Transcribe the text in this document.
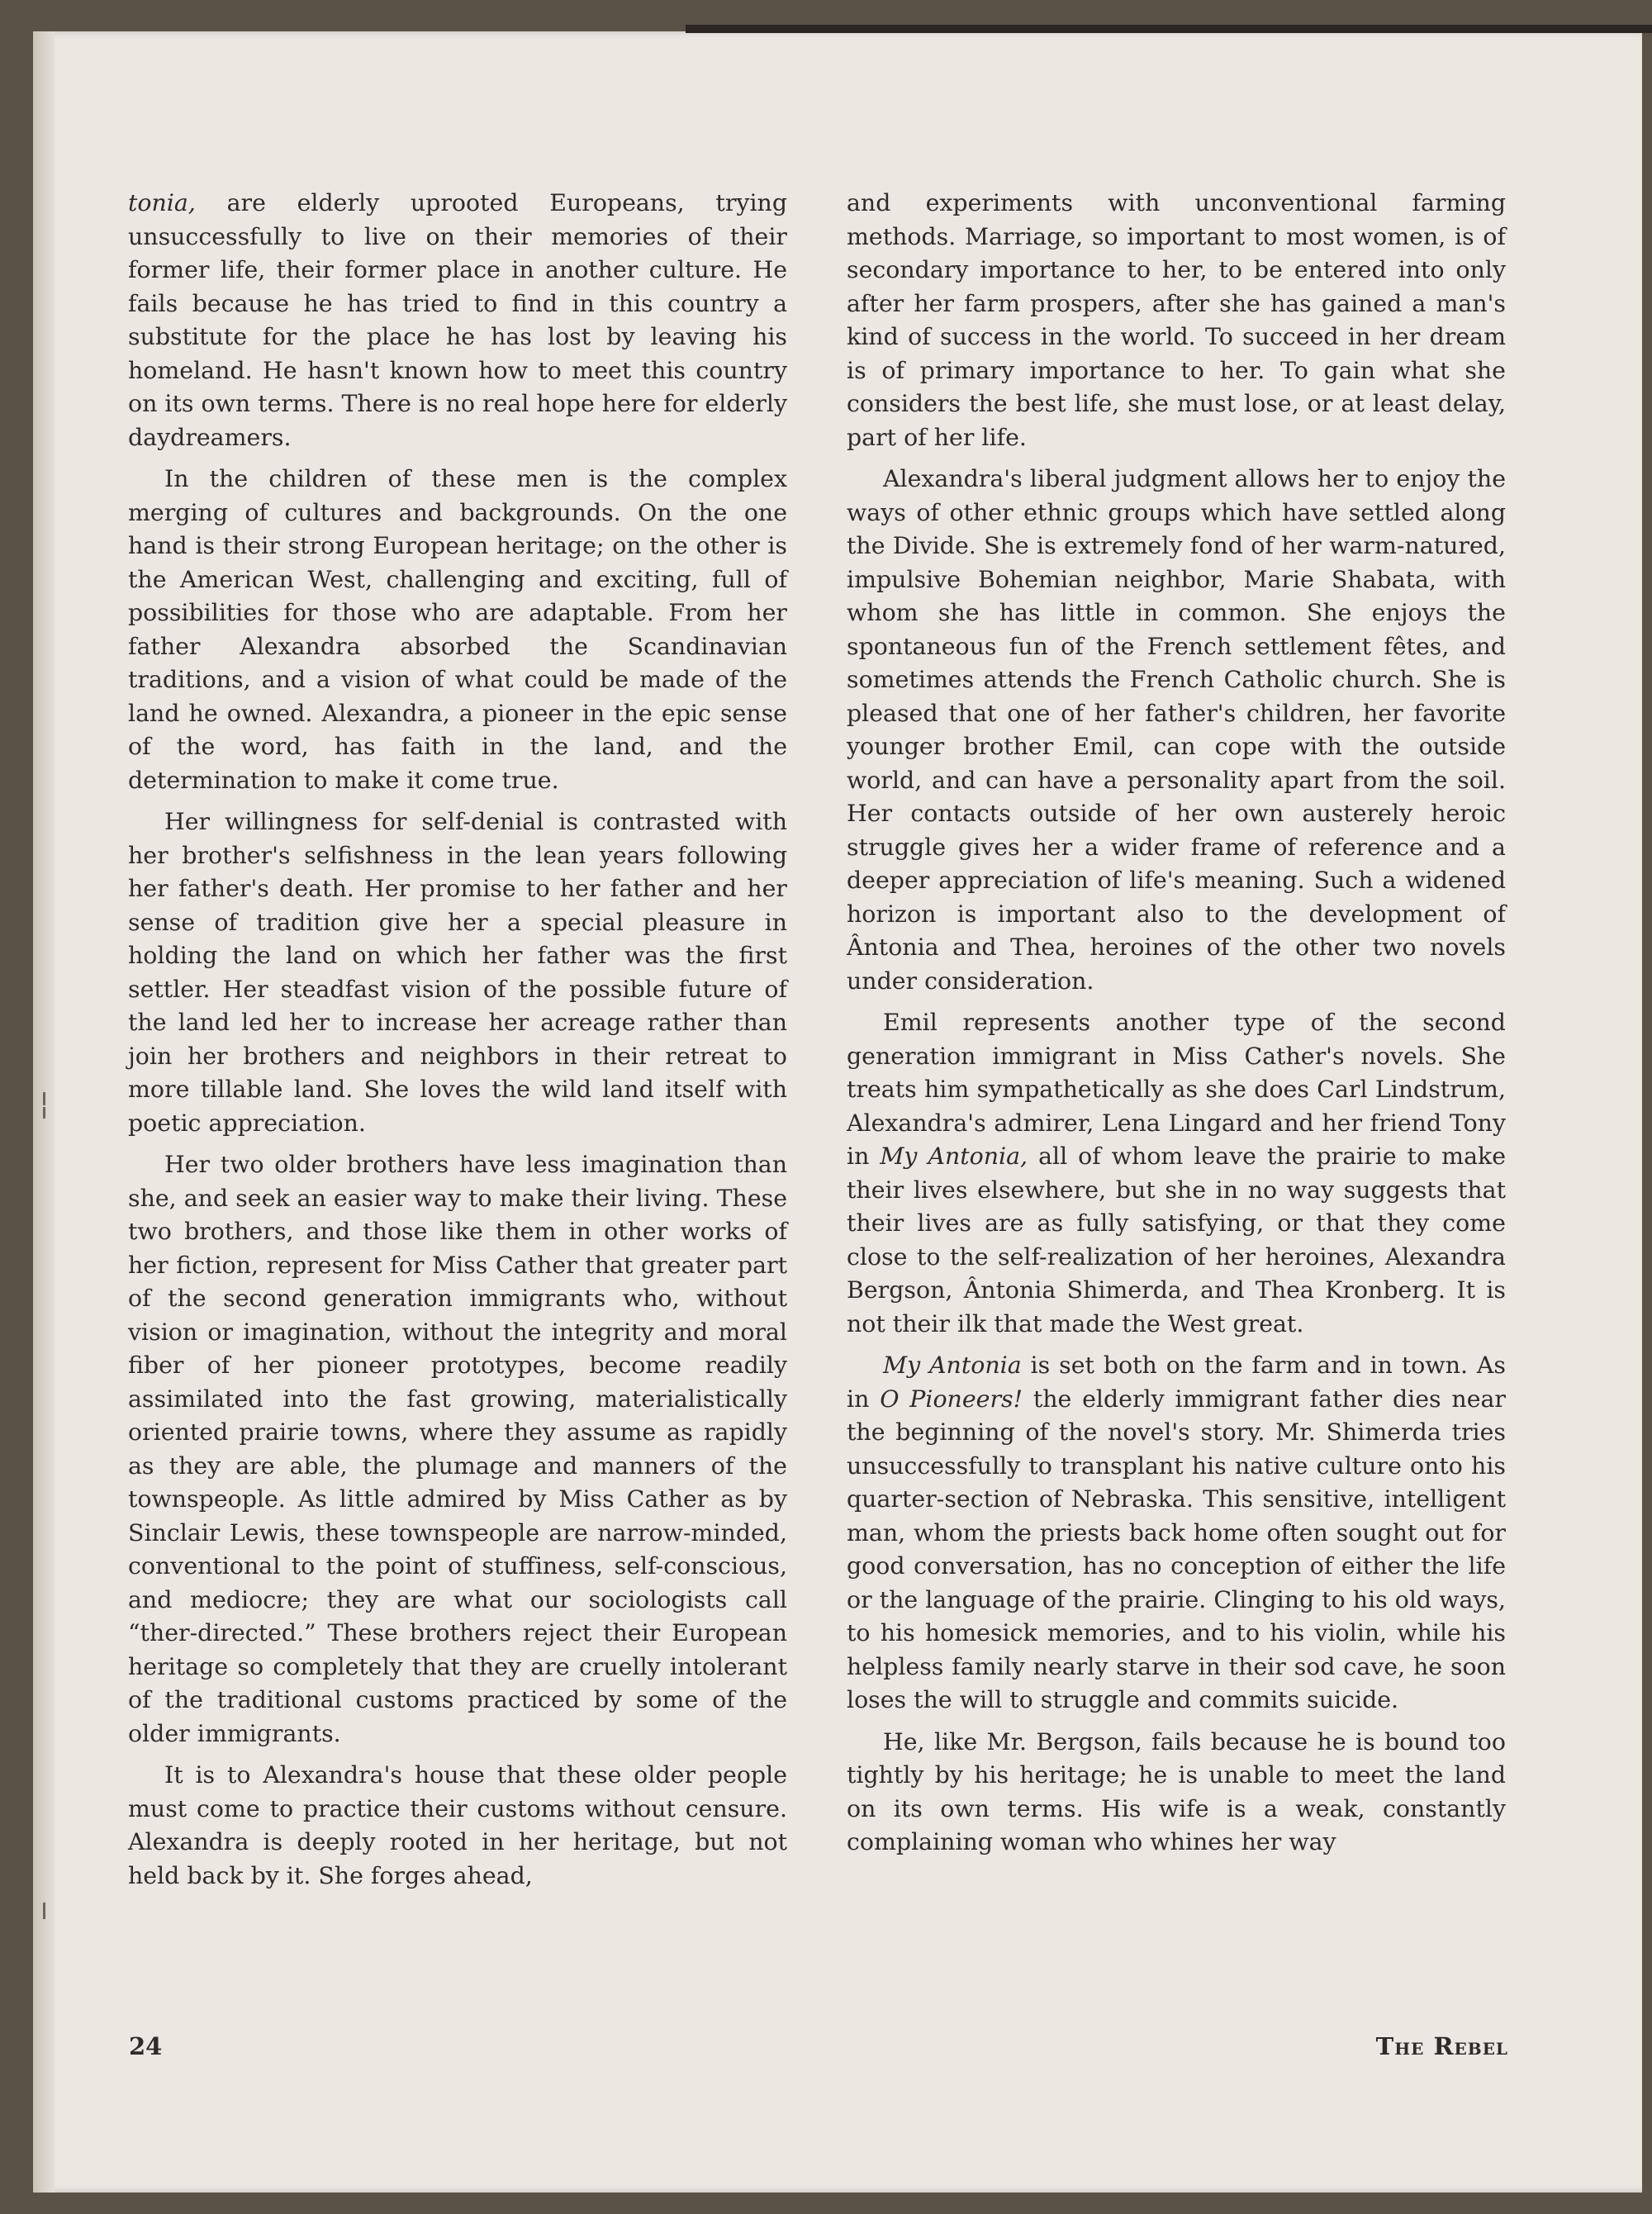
tonia, are elderly uprooted Europeans, trying unsuccessfully to live on their memories of their former life, their former place in another culture. He fails because he has tried to find in this country a substitute for the place he has lost by leaving his homeland. He hasn't known how to meet this country on its own terms. There is no real hope here for elderly daydreamers.

In the children of these men is the complex merging of cultures and backgrounds. On the one hand is their strong European heritage; on the other is the American West, challenging and exciting, full of possibilities for those who are adaptable. From her father Alexandra absorbed the Scandinavian traditions, and a vision of what could be made of the land he owned. Alexandra, a pioneer in the epic sense of the word, has faith in the land, and the determination to make it come true.

Her willingness for self-denial is contrasted with her brother's selfishness in the lean years following her father's death. Her promise to her father and her sense of tradition give her a special pleasure in holding the land on which her father was the first settler. Her steadfast vision of the possible future of the land led her to increase her acreage rather than join her brothers and neighbors in their retreat to more tillable land. She loves the wild land itself with poetic appreciation.

Her two older brothers have less imagination than she, and seek an easier way to make their living. These two brothers, and those like them in other works of her fiction, represent for Miss Cather that greater part of the second generation immigrants who, without vision or imagination, without the integrity and moral fiber of her pioneer prototypes, become readily assimilated into the fast growing, materialistically oriented prairie towns, where they assume as rapidly as they are able, the plumage and manners of the townspeople. As little admired by Miss Cather as by Sinclair Lewis, these townspeople are narrow-minded, conventional to the point of stuffiness, self-conscious, and mediocre; they are what our sociologists call “ther-directed.” These brothers reject their European heritage so completely that they are cruelly intolerant of the traditional customs practiced by some of the older immigrants.

It is to Alexandra's house that these older people must come to practice their customs without censure. Alexandra is deeply rooted in her heritage, but not held back by it. She forges ahead,

and experiments with unconventional farming methods. Marriage, so important to most women, is of secondary importance to her, to be entered into only after her farm prospers, after she has gained a man's kind of success in the world. To succeed in her dream is of primary importance to her. To gain what she considers the best life, she must lose, or at least delay, part of her life.

Alexandra's liberal judgment allows her to enjoy the ways of other ethnic groups which have settled along the Divide. She is extremely fond of her warm-natured, impulsive Bohemian neighbor, Marie Shabata, with whom she has little in common. She enjoys the spontaneous fun of the French settlement fêtes, and sometimes attends the French Catholic church. She is pleased that one of her father's children, her favorite younger brother Emil, can cope with the outside world, and can have a personality apart from the soil. Her contacts outside of her own austerely heroic struggle gives her a wider frame of reference and a deeper appreciation of life's meaning. Such a widened horizon is important also to the development of Ântonia and Thea, heroines of the other two novels under consideration.

Emil represents another type of the second generation immigrant in Miss Cather's novels. She treats him sympathetically as she does Carl Lindstrum, Alexandra's admirer, Lena Lingard and her friend Tony in My Antonia, all of whom leave the prairie to make their lives elsewhere, but she in no way suggests that their lives are as fully satisfying, or that they come close to the self-realization of her heroines, Alexandra Bergson, Ântonia Shimerda, and Thea Kronberg. It is not their ilk that made the West great.

My Antonia is set both on the farm and in town. As in O Pioneers! the elderly immigrant father dies near the beginning of the novel's story. Mr. Shimerda tries unsuccessfully to transplant his native culture onto his quarter-section of Nebraska. This sensitive, intelligent man, whom the priests back home often sought out for good conversation, has no conception of either the life or the language of the prairie. Clinging to his old ways, to his homesick memories, and to his violin, while his helpless family nearly starve in their sod cave, he soon loses the will to struggle and commits suicide.

He, like Mr. Bergson, fails because he is bound too tightly by his heritage; he is unable to meet the land on its own terms. His wife is a weak, constantly complaining woman who whines her way

24	The Rebel
